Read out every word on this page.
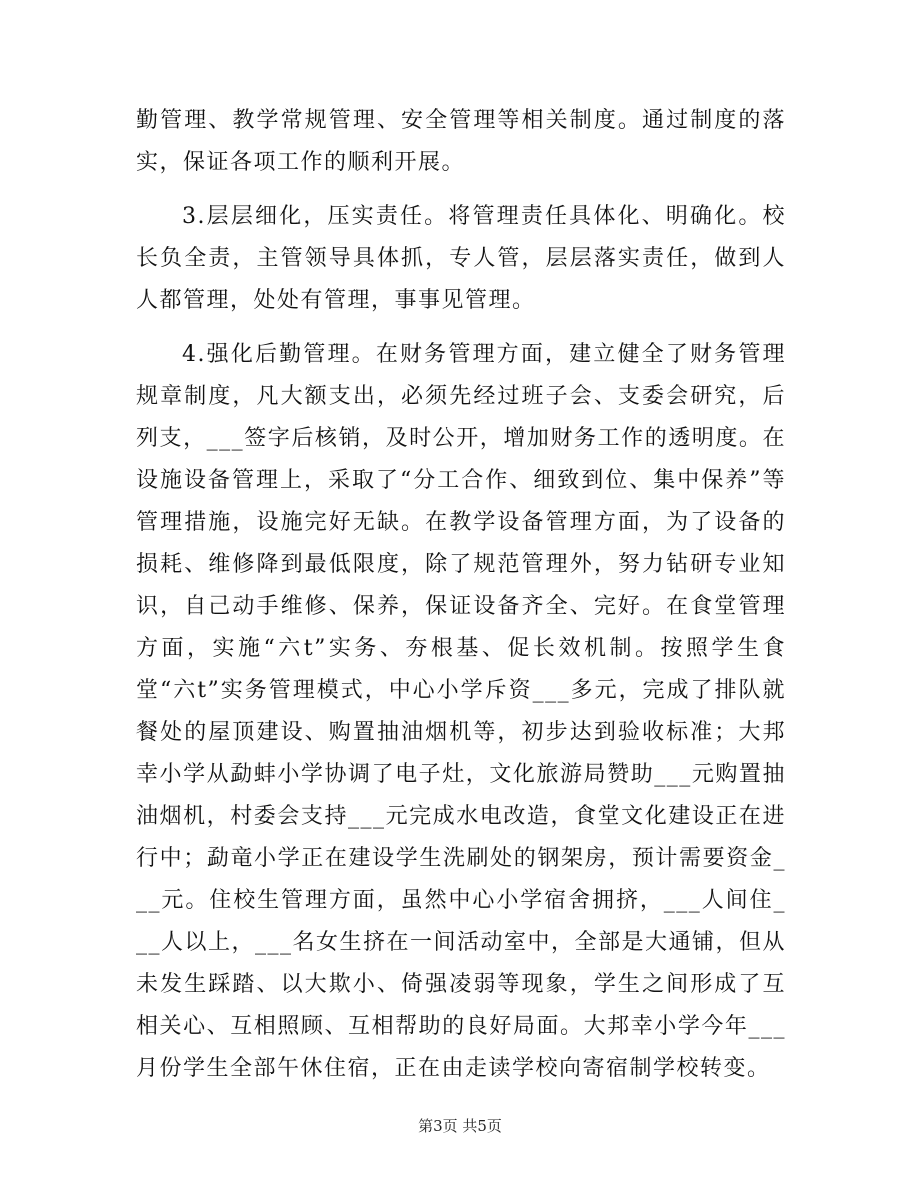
勤管理、教学常规管理、安全管理等相关制度。通过制度的落实，保证各项工作的顺利开展。

3.层层细化，压实责任。将管理责任具体化、明确化。校长负全责，主管领导具体抓，专人管，层层落实责任，做到人人都管理，处处有管理，事事见管理。

4.强化后勤管理。在财务管理方面，建立健全了财务管理规章制度，凡大额支出，必须先经过班子会、支委会研究，后列支，___签字后核销，及时公开，增加财务工作的透明度。在设施设备管理上，采取了“分工合作、细致到位、集中保养”等管理措施，设施完好无缺。在教学设备管理方面，为了设备的损耗、维修降到最低限度，除了规范管理外，努力钻研专业知识，自己动手维修、保养，保证设备齐全、完好。在食堂管理方面，实施“六t”实务、夯根基、促长效机制。按照学生食堂“六t”实务管理模式，中心小学斥资___多元，完成了排队就餐处的屋顶建设、购置抽油烟机等，初步达到验收标准；大邦幸小学从勐蚌小学协调了电子灶，文化旅游局赞助___元购置抽油烟机，村委会支持___元完成水电改造，食堂文化建设正在进行中；勐竜小学正在建设学生洗刷处的钢架房，预计需要资金___元。住校生管理方面，虽然中心小学宿舍拥挤，___人间住___人以上，___名女生挤在一间活动室中，全部是大通铺，但从未发生踩踏、以大欺小、倚强凌弱等现象，学生之间形成了互相关心、互相照顾、互相帮助的良好局面。大邦幸小学今年___月份学生全部午休住宿，正在由走读学校向寄宿制学校转变。

第3页 共5页
